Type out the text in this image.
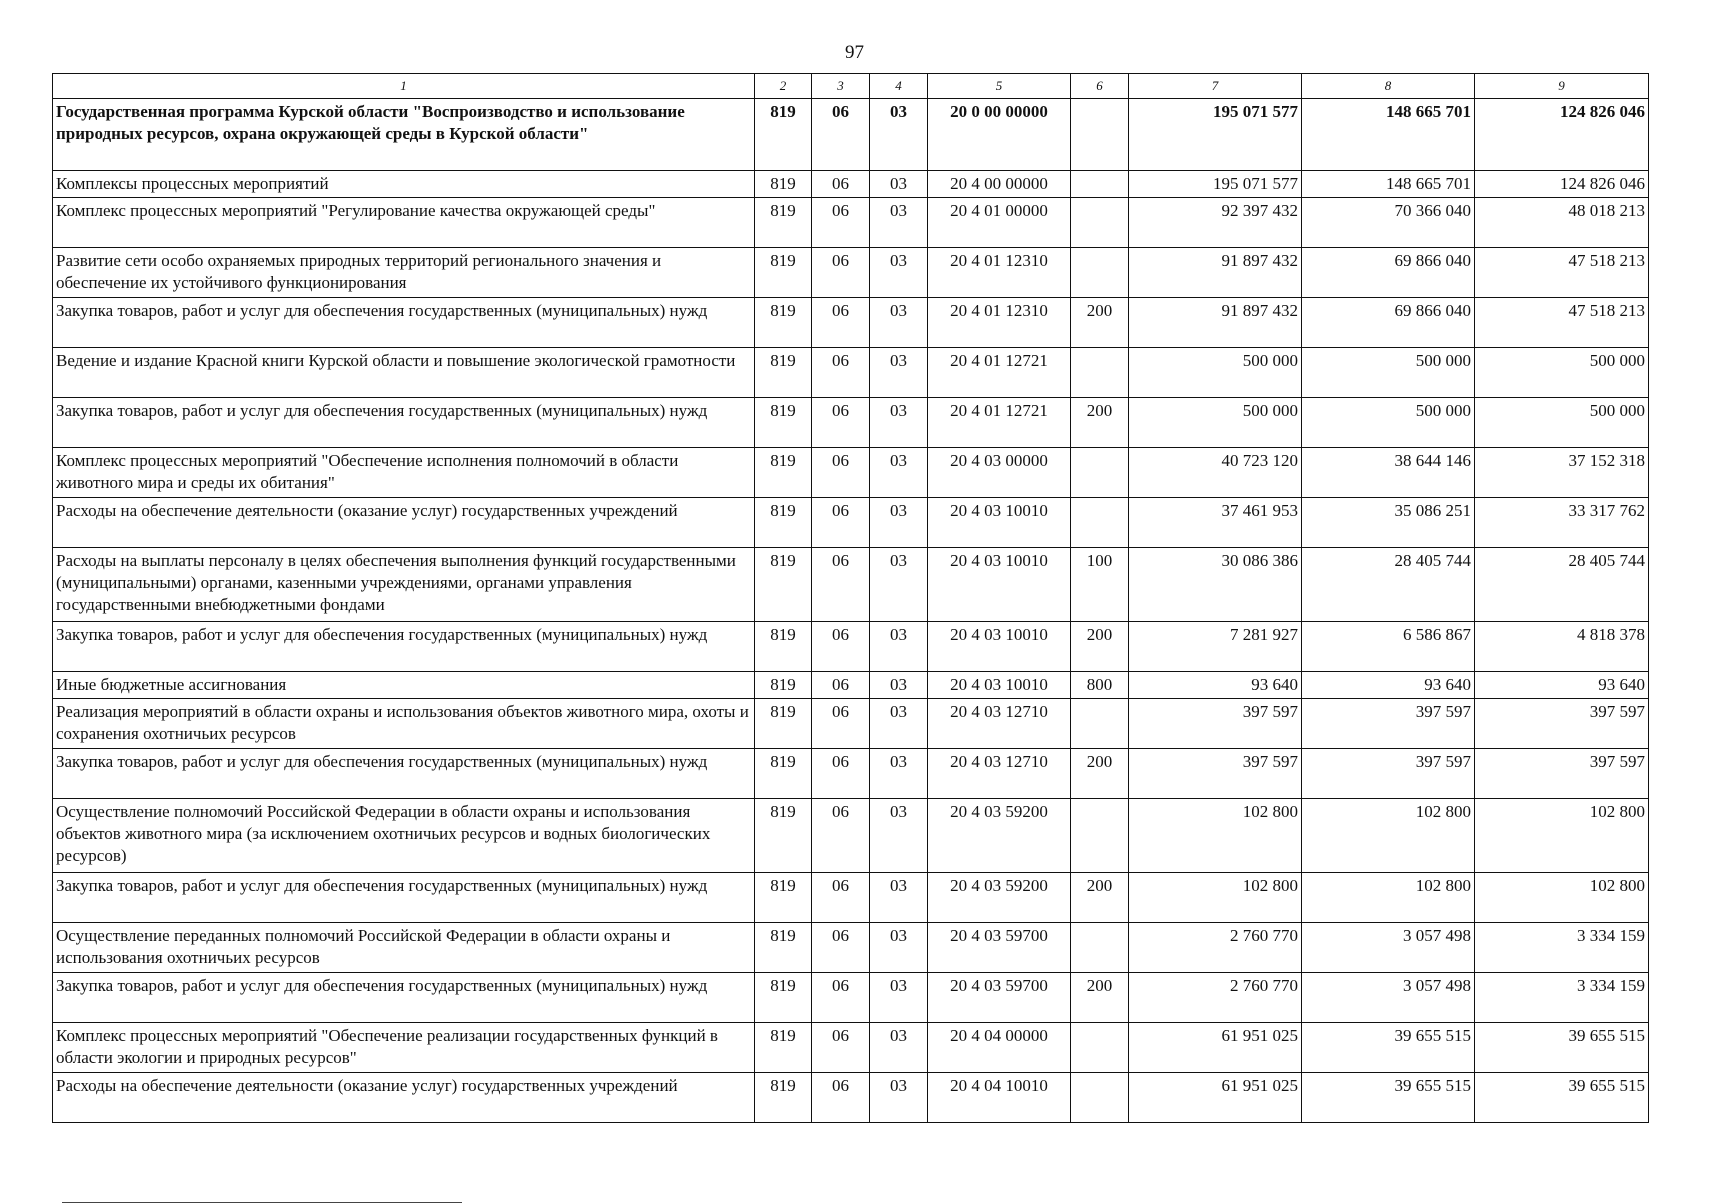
97
1	2	3	4	5	6	7	8	9
Государственная программа Курской области "Воспроизводство и использование природных ресурсов, охрана окружающей среды в Курской области"	819	06	03	20 0 00 00000		195 071 577	148 665 701	124 826 046
Комплексы процессных мероприятий	819	06	03	20 4 00 00000		195 071 577	148 665 701	124 826 046
Комплекс процессных мероприятий "Регулирование качества окружающей среды"	819	06	03	20 4 01 00000		92 397 432	70 366 040	48 018 213
Развитие сети особо охраняемых природных территорий регионального значения и обеспечение их устойчивого функционирования	819	06	03	20 4 01 12310		91 897 432	69 866 040	47 518 213
Закупка товаров, работ и услуг для обеспечения государственных (муниципальных) нужд	819	06	03	20 4 01 12310	200	91 897 432	69 866 040	47 518 213
Ведение и издание Красной книги Курской области и повышение экологической грамотности	819	06	03	20 4 01 12721		500 000	500 000	500 000
Закупка товаров, работ и услуг для обеспечения государственных (муниципальных) нужд	819	06	03	20 4 01 12721	200	500 000	500 000	500 000
Комплекс процессных мероприятий "Обеспечение исполнения полномочий в области животного мира и среды их обитания"	819	06	03	20 4 03 00000		40 723 120	38 644 146	37 152 318
Расходы на обеспечение деятельности (оказание услуг) государственных учреждений	819	06	03	20 4 03 10010		37 461 953	35 086 251	33 317 762
Расходы на выплаты персоналу в целях обеспечения выполнения функций государственными (муниципальными) органами, казенными учреждениями, органами управления государственными внебюджетными фондами	819	06	03	20 4 03 10010	100	30 086 386	28 405 744	28 405 744
Закупка товаров, работ и услуг для обеспечения государственных (муниципальных) нужд	819	06	03	20 4 03 10010	200	7 281 927	6 586 867	4 818 378
Иные бюджетные ассигнования	819	06	03	20 4 03 10010	800	93 640	93 640	93 640
Реализация мероприятий в области охраны и использования объектов животного мира, охоты и сохранения охотничьих ресурсов	819	06	03	20 4 03 12710		397 597	397 597	397 597
Закупка товаров, работ и услуг для обеспечения государственных (муниципальных) нужд	819	06	03	20 4 03 12710	200	397 597	397 597	397 597
Осуществление полномочий Российской Федерации в области охраны и использования объектов животного мира (за исключением охотничьих ресурсов и водных биологических ресурсов)	819	06	03	20 4 03 59200		102 800	102 800	102 800
Закупка товаров, работ и услуг для обеспечения государственных (муниципальных) нужд	819	06	03	20 4 03 59200	200	102 800	102 800	102 800
Осуществление переданных полномочий Российской Федерации в области охраны и использования охотничьих ресурсов	819	06	03	20 4 03 59700		2 760 770	3 057 498	3 334 159
Закупка товаров, работ и услуг для обеспечения государственных (муниципальных) нужд	819	06	03	20 4 03 59700	200	2 760 770	3 057 498	3 334 159
Комплекс процессных мероприятий "Обеспечение реализации государственных функций в области экологии и природных ресурсов"	819	06	03	20 4 04 00000		61 951 025	39 655 515	39 655 515
Расходы на обеспечение деятельности (оказание услуг) государственных учреждений	819	06	03	20 4 04 10010		61 951 025	39 655 515	39 655 515
